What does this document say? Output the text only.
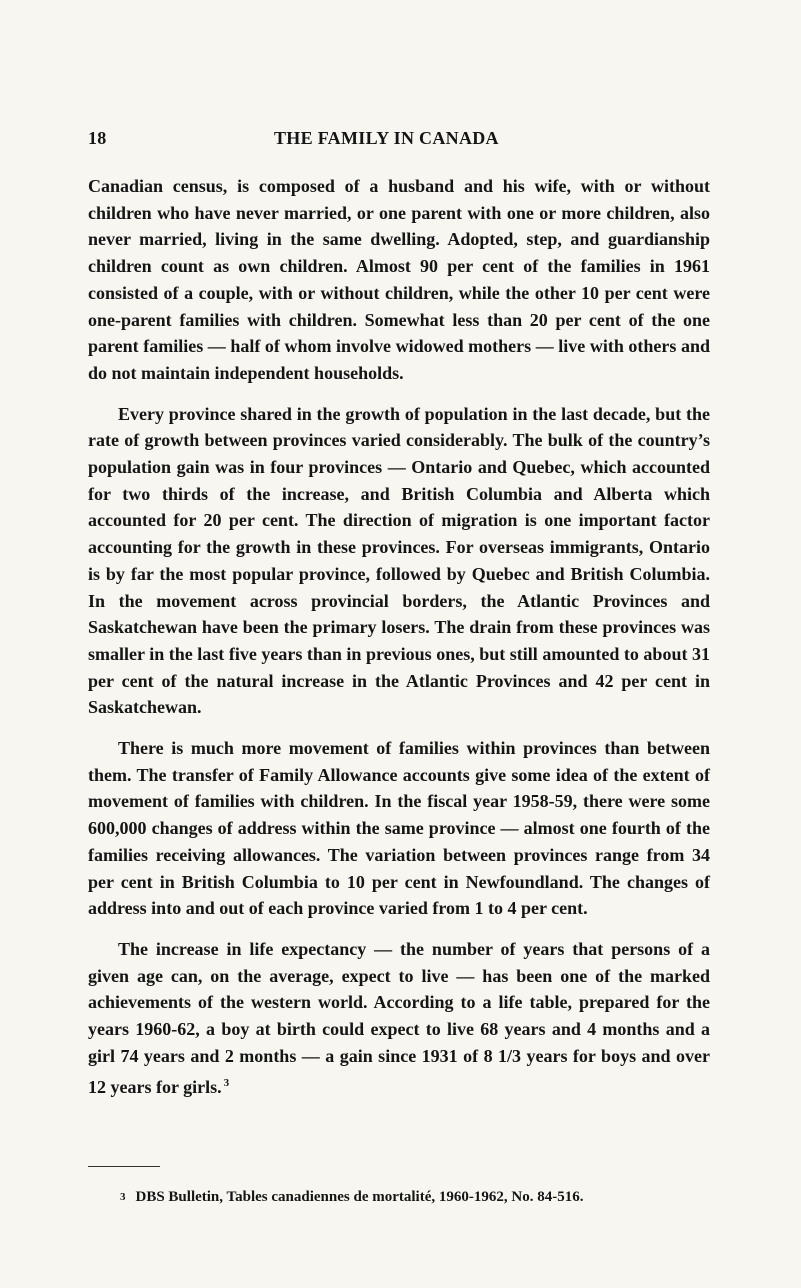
18	THE FAMILY IN CANADA

Canadian census, is composed of a husband and his wife, with or without children who have never married, or one parent with one or more children, also never married, living in the same dwelling. Adopted, step, and guardianship children count as own children. Almost 90 per cent of the families in 1961 consisted of a couple, with or without children, while the other 10 per cent were one-parent families with children. Somewhat less than 20 per cent of the one parent families — half of whom involve widowed mothers — live with others and do not maintain independent households.

Every province shared in the growth of population in the last decade, but the rate of growth between provinces varied considerably. The bulk of the country’s population gain was in four provinces — Ontario and Quebec, which accounted for two thirds of the increase, and British Columbia and Alberta which accounted for 20 per cent. The direction of migration is one important factor accounting for the growth in these provinces. For overseas immigrants, Ontario is by far the most popular province, followed by Quebec and British Columbia. In the movement across provincial borders, the Atlantic Provinces and Saskatchewan have been the primary losers. The drain from these provinces was smaller in the last five years than in previous ones, but still amounted to about 31 per cent of the natural increase in the Atlantic Provinces and 42 per cent in Saskatchewan.

There is much more movement of families within provinces than between them. The transfer of Family Allowance accounts give some idea of the extent of movement of families with children. In the fiscal year 1958-59, there were some 600,000 changes of address within the same province — almost one fourth of the families receiving allowances. The variation between provinces range from 34 per cent in British Columbia to 10 per cent in Newfoundland. The changes of address into and out of each province varied from 1 to 4 per cent.

The increase in life expectancy — the number of years that persons of a given age can, on the average, expect to live — has been one of the marked achievements of the western world. According to a life table, prepared for the years 1960-62, a boy at birth could expect to live 68 years and 4 months and a girl 74 years and 2 months — a gain since 1931 of 8 1/3 years for boys and over 12 years for girls. $^3$

3 DBS Bulletin, Tables canadiennes de mortalité, 1960-1962, No. 84-516.
